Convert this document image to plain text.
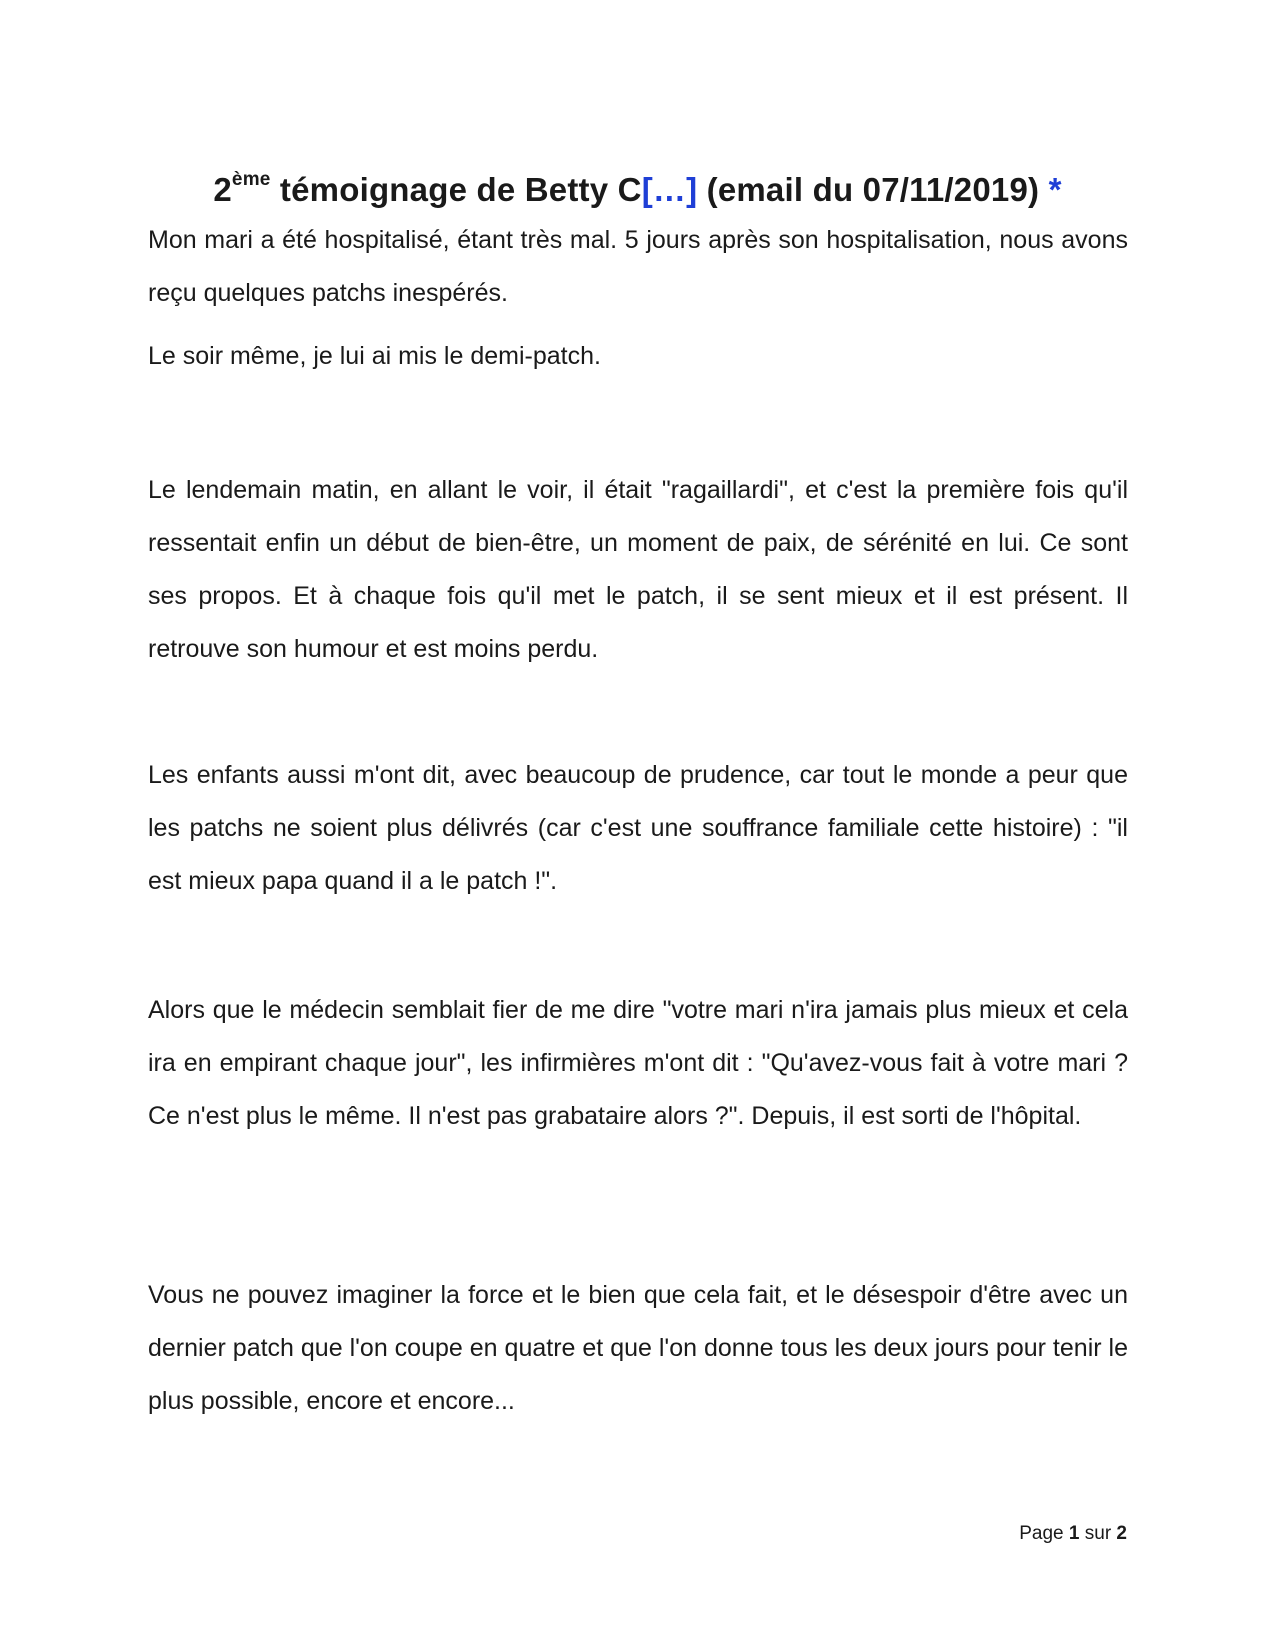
2ème témoignage de Betty C[…] (email du 07/11/2019) *

Mon mari a été hospitalisé, étant très mal. 5 jours après son hospitalisation, nous avons reçu quelques patchs inespérés.

Le soir même, je lui ai mis le demi-patch.

Le lendemain matin, en allant le voir, il était "ragaillardi", et c'est la première fois qu'il ressentait enfin un début de bien-être, un moment de paix, de sérénité en lui. Ce sont ses propos. Et à chaque fois qu'il met le patch, il se sent mieux et il est présent. Il retrouve son humour et est moins perdu.

Les enfants aussi m'ont dit, avec beaucoup de prudence, car tout le monde a peur que les patchs ne soient plus délivrés (car c'est une souffrance familiale cette histoire) : "il est mieux papa quand il a le patch !".

Alors que le médecin semblait fier de me dire "votre mari n'ira jamais plus mieux et cela ira en empirant chaque jour", les infirmières m'ont dit : "Qu'avez-vous fait à votre mari ? Ce n'est plus le même. Il n'est pas grabataire alors ?". Depuis, il est sorti de l'hôpital.

Vous ne pouvez imaginer la force et le bien que cela fait, et le désespoir d'être avec un dernier patch que l'on coupe en quatre et que l'on donne tous les deux jours pour tenir le plus possible, encore et encore...

Page 1 sur 2
